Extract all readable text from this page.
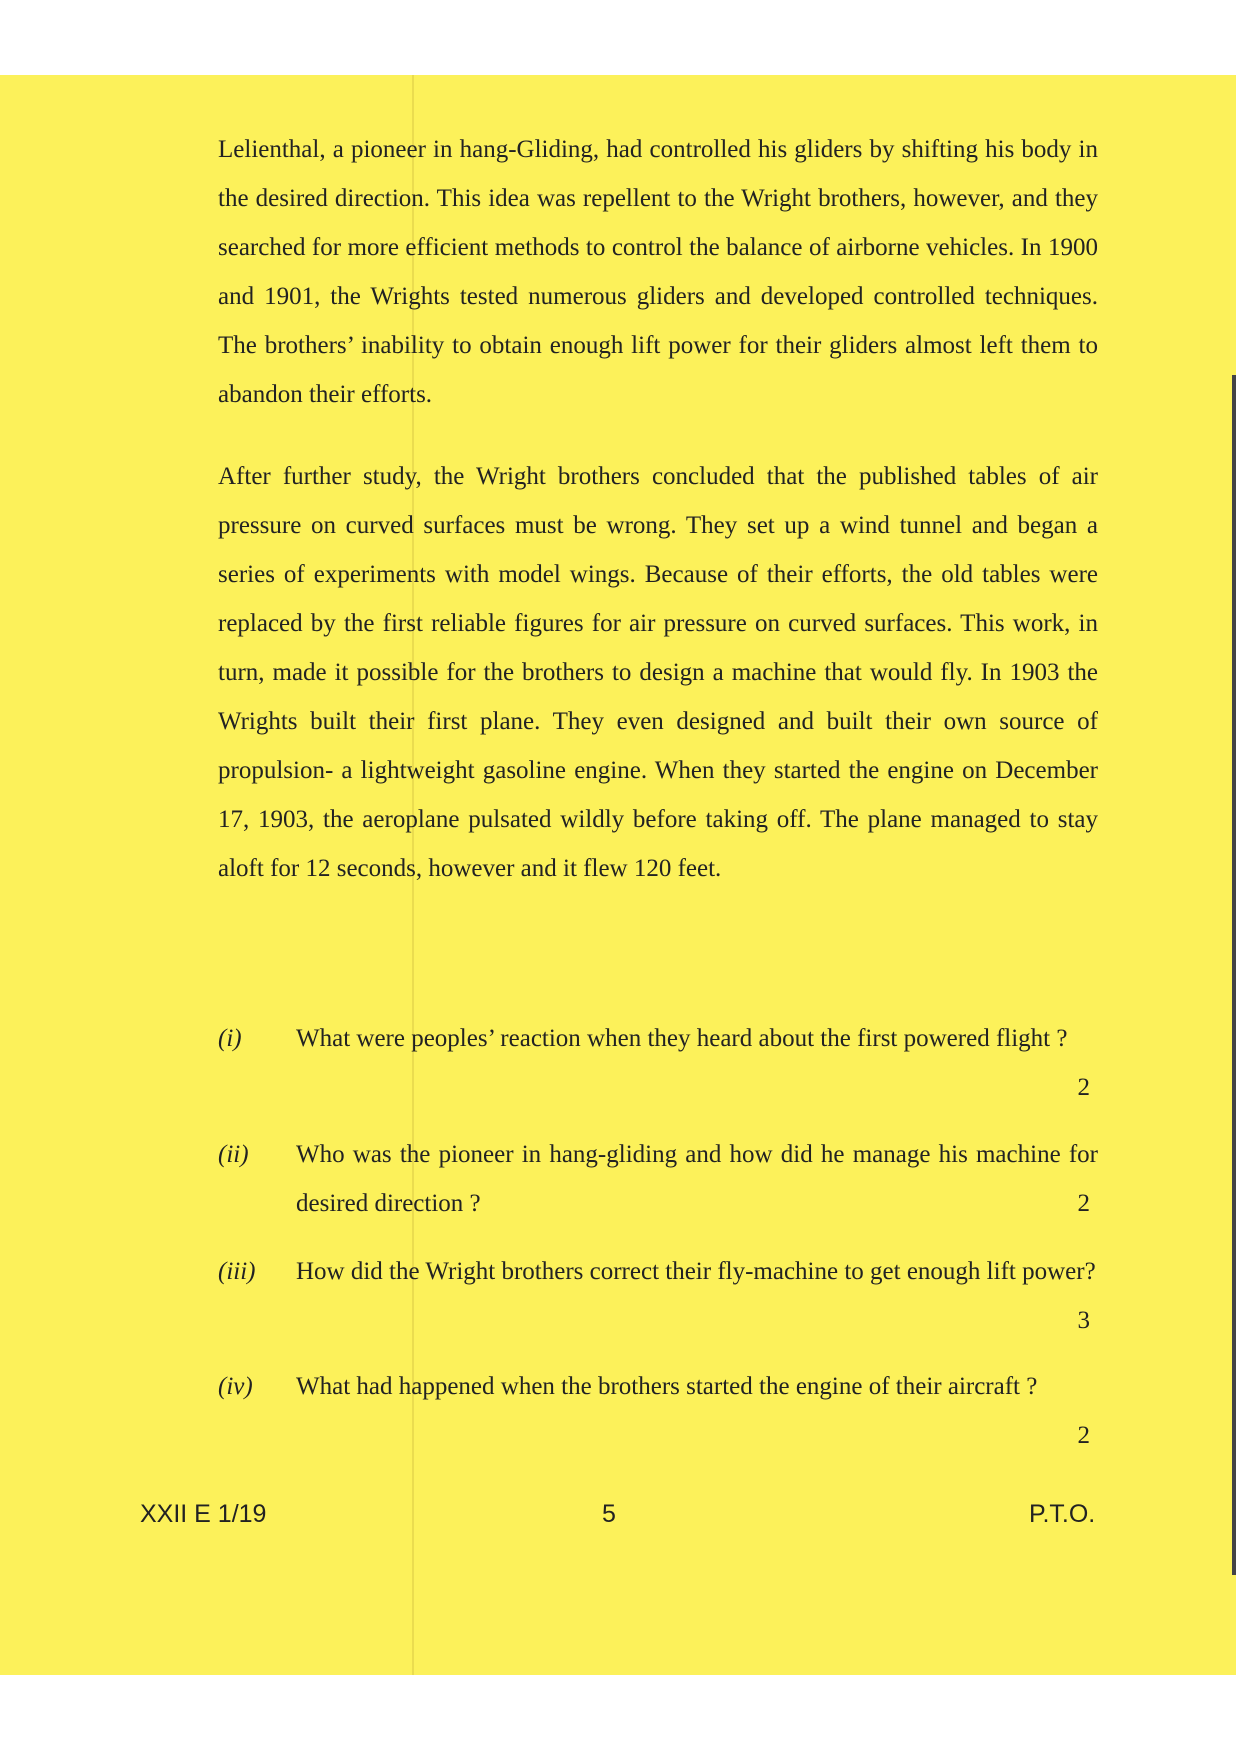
Lelienthal, a pioneer in hang-Gliding, had controlled his gliders by shifting his body in the desired direction. This idea was repellent to the Wright brothers, however, and they searched for more efficient methods to control the balance of airborne vehicles. In 1900 and 1901, the Wrights tested numerous gliders and developed controlled techniques. The brothers’ inability to obtain enough lift power for their gliders almost left them to abandon their efforts.

After further study, the Wright brothers concluded that the published tables of air pressure on curved surfaces must be wrong. They set up a wind tunnel and began a series of experiments with model wings. Because of their efforts, the old tables were replaced by the first reliable figures for air pressure on curved surfaces. This work, in turn, made it possible for the brothers to design a machine that would fly. In 1903 the Wrights built their first plane. They even designed and built their own source of propulsion- a lightweight gasoline engine. When they started the engine on December 17, 1903, the aeroplane pulsated wildly before taking off. The plane managed to stay aloft for 12 seconds, however and it flew 120 feet.

(i) What were peoples’ reaction when they heard about the first powered flight ?
2
(ii) Who was the pioneer in hang-gliding and how did he manage his machine for desired direction ?	2
(iii) How did the Wright brothers correct their fly-machine to get enough lift power?
3
(iv) What had happened when the brothers started the engine of their aircraft ?
2
XXII E 1/19	5	P.T.O.
